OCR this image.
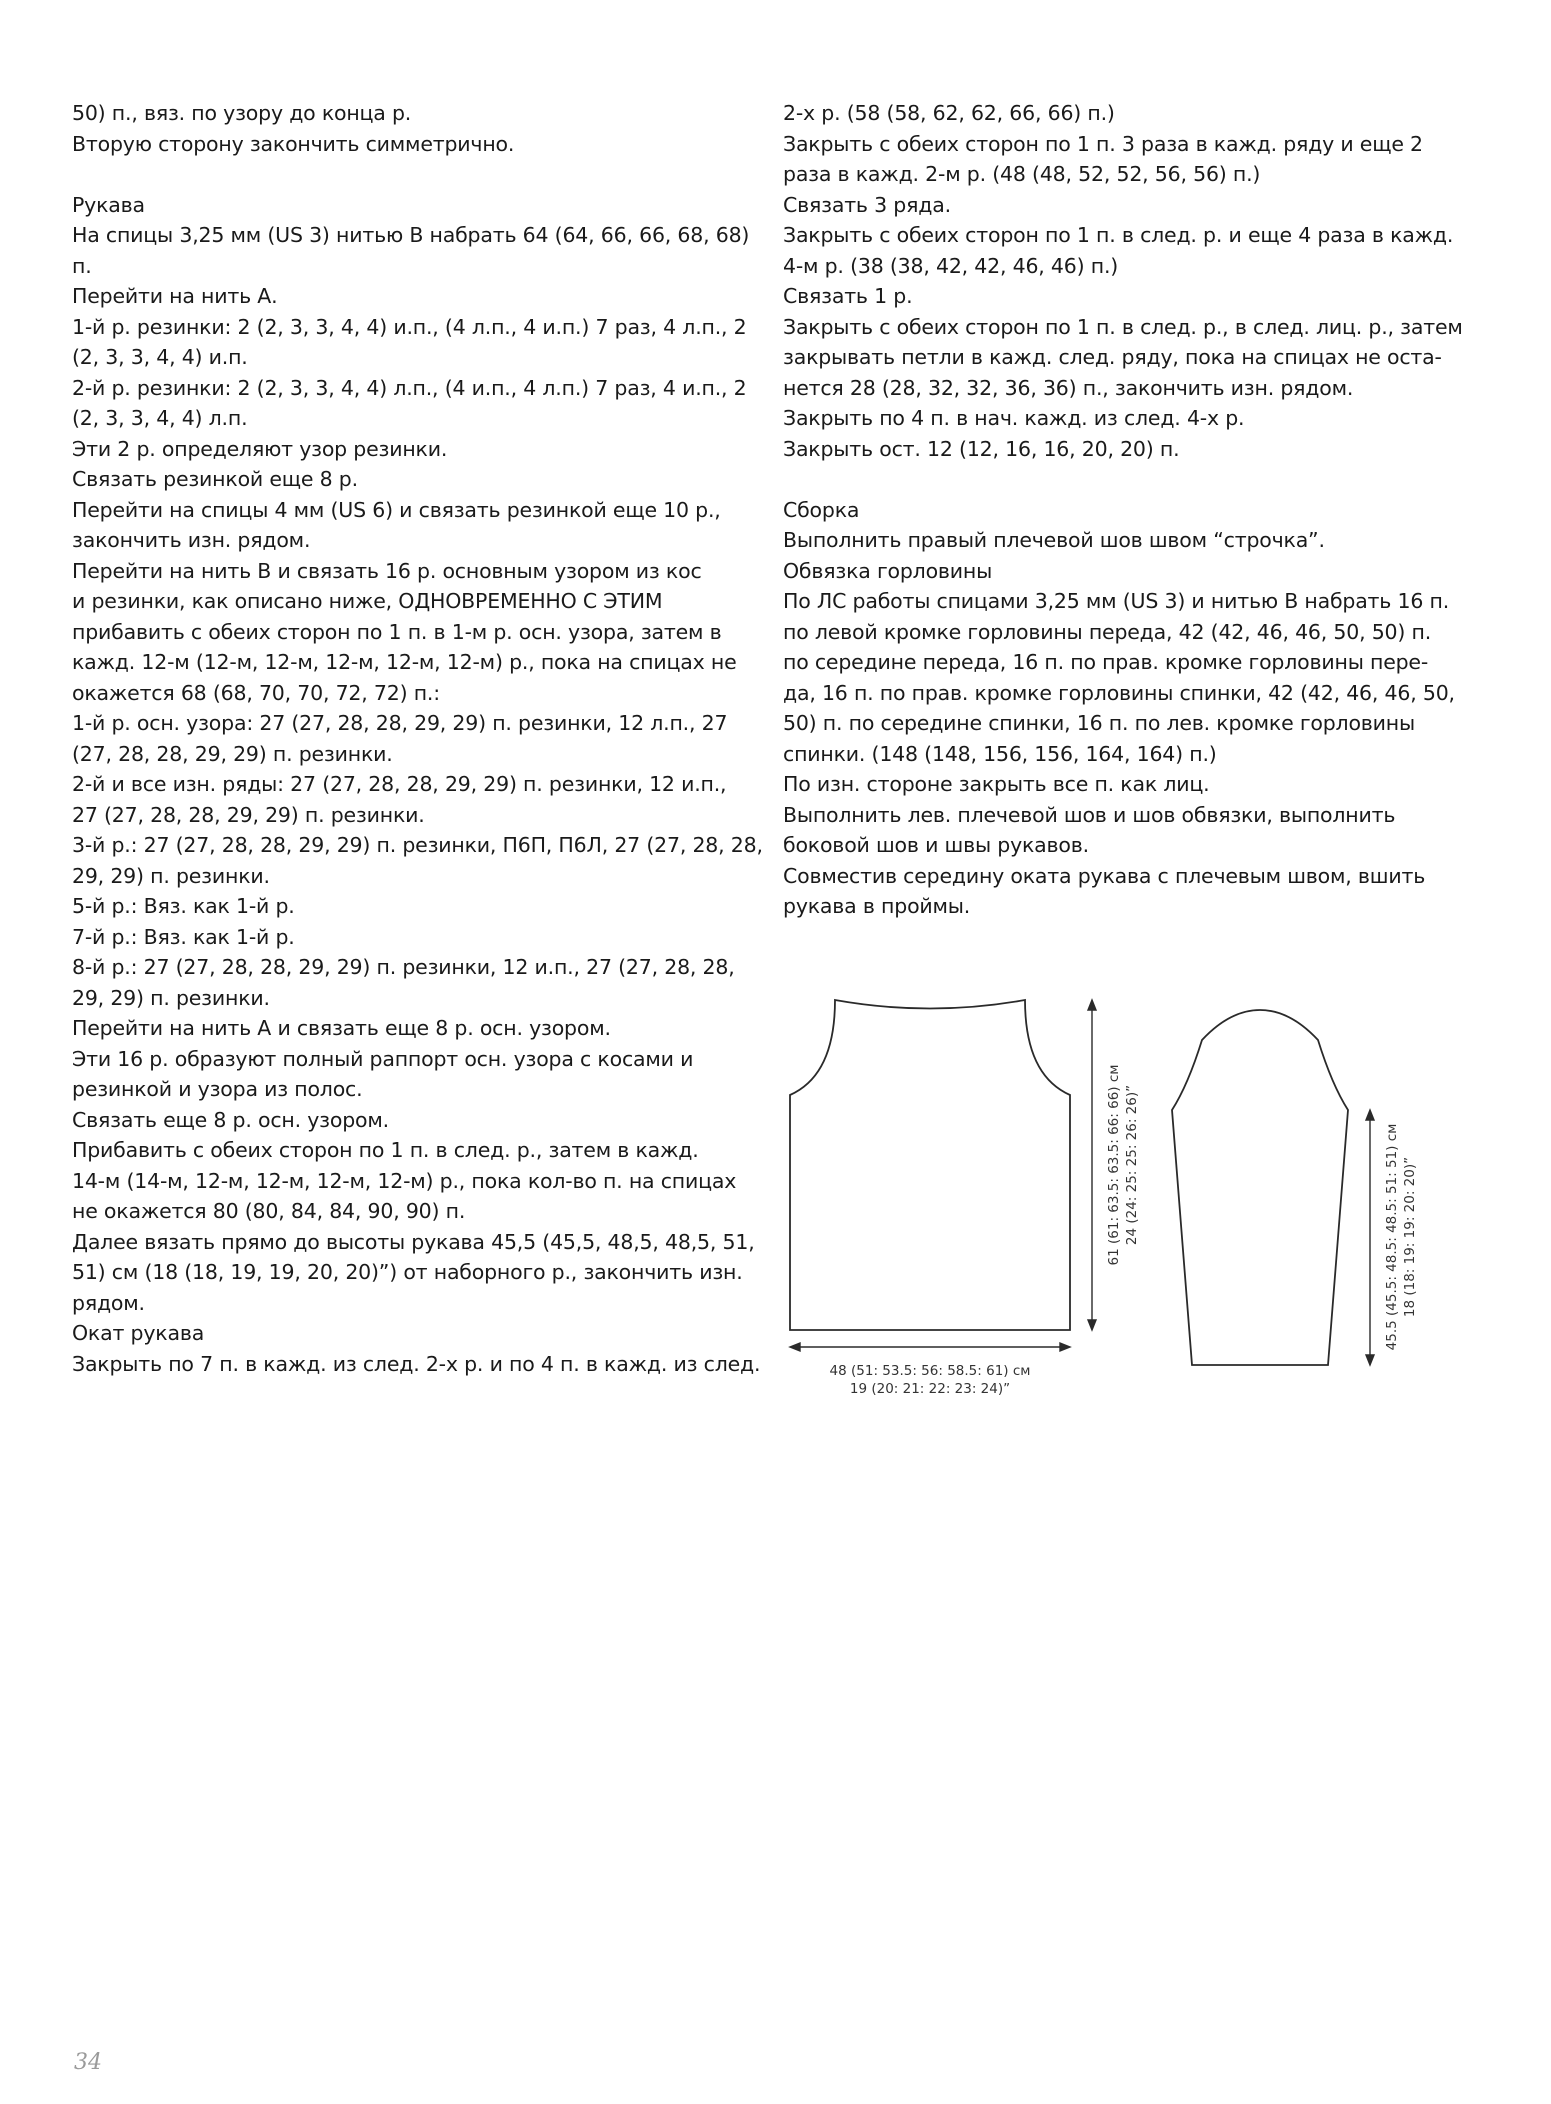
50) п., вяз. по узору до конца р.
Вторую сторону закончить симметрично.
Рукава
На спицы 3,25 мм (US 3) нитью В набрать 64 (64, 66, 66, 68, 68)
п.
Перейти на нить А.
1-й р. резинки: 2 (2, 3, 3, 4, 4) и.п., (4 л.п., 4 и.п.) 7 раз, 4 л.п., 2
(2, 3, 3, 4, 4) и.п.
2-й р. резинки: 2 (2, 3, 3, 4, 4) л.п., (4 и.п., 4 л.п.) 7 раз, 4 и.п., 2
(2, 3, 3, 4, 4) л.п.
Эти 2 р. определяют узор резинки.
Связать резинкой еще 8 р.
Перейти на спицы 4 мм (US 6) и связать резинкой еще 10 р.,
закончить изн. рядом.
Перейти на нить В и связать 16 р. основным узором из кос
и резинки, как описано ниже, ОДНОВРЕМЕННО С ЭТИМ
прибавить с обеих сторон по 1 п. в 1-м р. осн. узора, затем в
кажд. 12-м (12-м, 12-м, 12-м, 12-м, 12-м) р., пока на спицах не
окажется 68 (68, 70, 70, 72, 72) п.:
1-й р. осн. узора: 27 (27, 28, 28, 29, 29) п. резинки, 12 л.п., 27
(27, 28, 28, 29, 29) п. резинки.
2-й и все изн. ряды: 27 (27, 28, 28, 29, 29) п. резинки, 12 и.п.,
27 (27, 28, 28, 29, 29) п. резинки.
3-й р.: 27 (27, 28, 28, 29, 29) п. резинки, П6П, П6Л, 27 (27, 28, 28,
29, 29) п. резинки.
5-й р.: Вяз. как 1-й р.
7-й р.: Вяз. как 1-й р.
8-й р.: 27 (27, 28, 28, 29, 29) п. резинки, 12 и.п., 27 (27, 28, 28,
29, 29) п. резинки.
Перейти на нить А и связать еще 8 р. осн. узором.
Эти 16 р. образуют полный раппорт осн. узора с косами и
резинкой и узора из полос.
Связать еще 8 р. осн. узором.
Прибавить с обеих сторон по 1 п. в след. р., затем в кажд.
14-м (14-м, 12-м, 12-м, 12-м, 12-м) р., пока кол-во п. на спицах
не окажется 80 (80, 84, 84, 90, 90) п.
Далее вязать прямо до высоты рукава 45,5 (45,5, 48,5, 48,5, 51,
51) см (18 (18, 19, 19, 20, 20)”) от наборного р., закончить изн.
рядом.
Окат рукава
Закрыть по 7 п. в кажд. из след. 2-х р. и по 4 п. в кажд. из след.
2-х р. (58 (58, 62, 62, 66, 66) п.)
Закрыть с обеих сторон по 1 п. 3 раза в кажд. ряду и еще 2
раза в кажд. 2-м р. (48 (48, 52, 52, 56, 56) п.)
Связать 3 ряда.
Закрыть с обеих сторон по 1 п. в след. р. и еще 4 раза в кажд.
4-м р. (38 (38, 42, 42, 46, 46) п.)
Связать 1 р.
Закрыть с обеих сторон по 1 п. в след. р., в след. лиц. р., затем
закрывать петли в кажд. след. ряду, пока на спицах не оста-
нется 28 (28, 32, 32, 36, 36) п., закончить изн. рядом.
Закрыть по 4 п. в нач. кажд. из след. 4-х р.
Закрыть ост. 12 (12, 16, 16, 20, 20) п.
Сборка
Выполнить правый плечевой шов швом “строчка”.
Обвязка горловины
По ЛС работы спицами 3,25 мм (US 3) и нитью В набрать 16 п.
по левой кромке горловины переда, 42 (42, 46, 46, 50, 50) п.
по середине переда, 16 п. по прав. кромке горловины пере-
да, 16 п. по прав. кромке горловины спинки, 42 (42, 46, 46, 50,
50) п. по середине спинки, 16 п. по лев. кромке горловины
спинки. (148 (148, 156, 156, 164, 164) п.)
По изн. стороне закрыть все п. как лиц.
Выполнить лев. плечевой шов и шов обвязки, выполнить
боковой шов и швы рукавов.
Совместив середину оката рукава с плечевым швом, вшить
рукава в проймы.
48 (51: 53.5: 56: 58.5: 61) см
19 (20: 21: 22: 23: 24)”
61 (61: 63.5: 63.5: 66: 66) см 24 (24: 25: 25: 26: 26)”	45.5 (45.5: 48.5: 48.5: 51: 51) см 18 (18: 19: 19: 20: 20)”
34
